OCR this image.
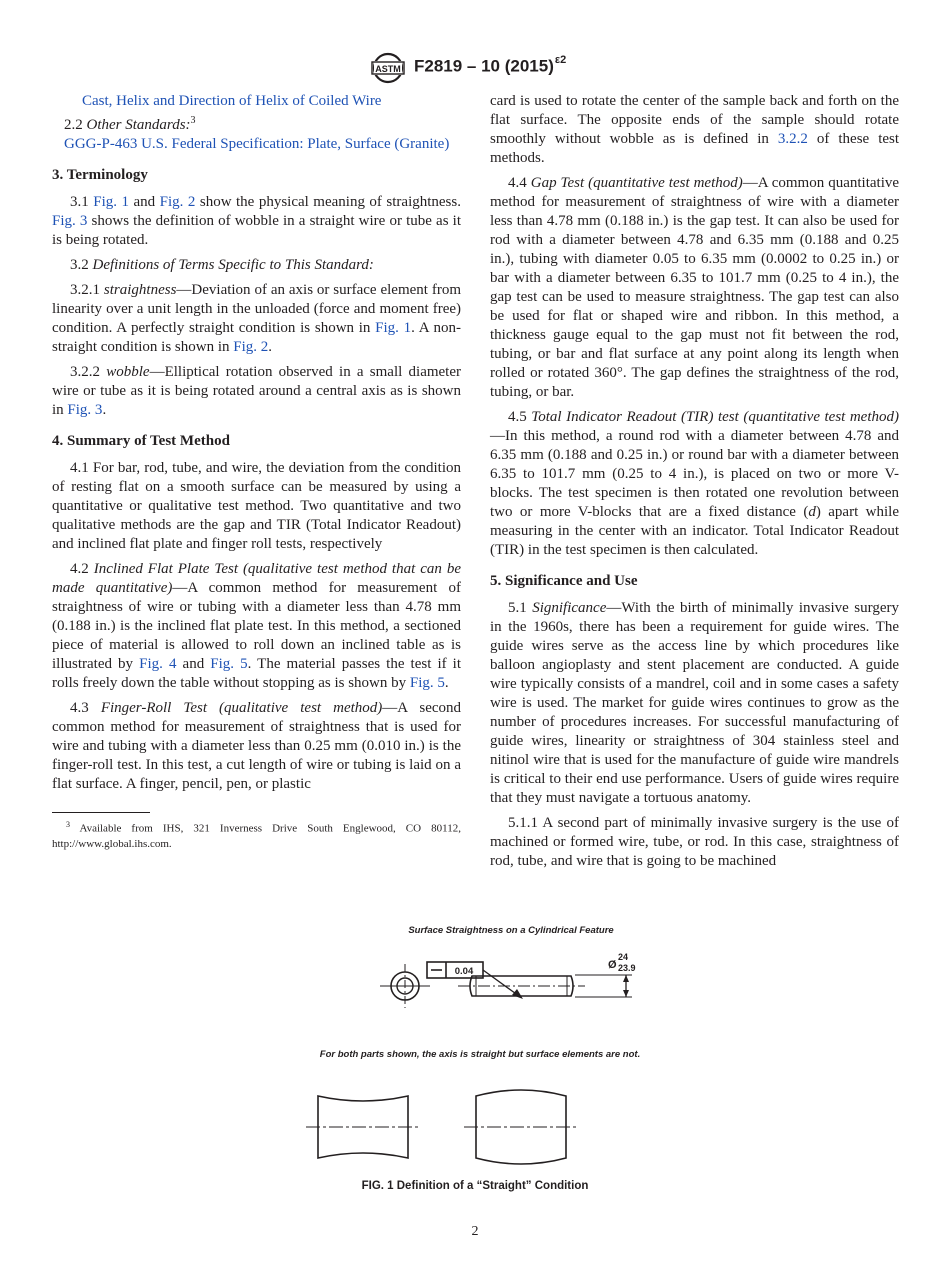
ASTM F2819 – 10 $(2015)^{\varepsilon 2}$
Cast, Helix and Direction of Helix of Coiled Wire
2.2 Other Standards:$^3$
GGG-P-463 U.S. Federal Specification: Plate, Surface (Granite)
3. Terminology

3.1 Fig. 1 and Fig. 2 show the physical meaning of straightness. Fig. 3 shows the definition of wobble in a straight wire or tube as it is being rotated.

3.2 Definitions of Terms Specific to This Standard:

3.2.1 straightness—Deviation of an axis or surface element from linearity over a unit length in the unloaded (force and moment free) condition. A perfectly straight condition is shown in Fig. 1. A non-straight condition is shown in Fig. 2.

3.2.2 wobble—Elliptical rotation observed in a small diameter wire or tube as it is being rotated around a central axis as is shown in Fig. 3.

4. Summary of Test Method

4.1 For bar, rod, tube, and wire, the deviation from the condition of resting flat on a smooth surface can be measured by using a quantitative or qualitative test method. Two quantitative and two qualitative methods are the gap and TIR (Total Indicator Readout) and inclined flat plate and finger roll tests, respectively

4.2 Inclined Flat Plate Test (qualitative test method that can be made quantitative)—A common method for measurement of straightness of wire or tubing with a diameter less than 4.78 mm (0.188 in.) is the inclined flat plate test. In this method, a sectioned piece of material is allowed to roll down an inclined table as is illustrated by Fig. 4 and Fig. 5. The material passes the test if it rolls freely down the table without stopping as is shown by Fig. 5.

4.3 Finger-Roll Test (qualitative test method)—A second common method for measurement of straightness that is used for wire and tubing with a diameter less than 0.25 mm (0.010 in.) is the finger-roll test. In this test, a cut length of wire or tubing is laid on a flat surface. A finger, pencil, pen, or plastic

$^3$ Available from IHS, 321 Inverness Drive South Englewood, CO 80112, http://www.global.ihs.com.

card is used to rotate the center of the sample back and forth on the flat surface. The opposite ends of the sample should rotate smoothly without wobble as is defined in 3.2.2 of these test methods.

4.4 Gap Test (quantitative test method)—A common quantitative method for measurement of straightness of wire with a diameter less than 4.78 mm (0.188 in.) is the gap test. It can also be used for rod with a diameter between 4.78 and 6.35 mm (0.188 and 0.25 in.), tubing with diameter 0.05 to 6.35 mm (0.0002 to 0.25 in.) or bar with a diameter between 6.35 to 101.7 mm (0.25 to 4 in.), the gap test can be used to measure straightness. The gap test can also be used for flat or shaped wire and ribbon. In this method, a thickness gauge equal to the gap must not fit between the rod, tubing, or bar and flat surface at any point along its length when rolled or rotated 360°. The gap defines the straightness of the rod, tubing, or bar.

4.5 Total Indicator Readout (TIR) test (quantitative test method)—In this method, a round rod with a diameter between 4.78 and 6.35 mm (0.188 and 0.25 in.) or round bar with a diameter between 6.35 to 101.7 mm (0.25 to 4 in.), is placed on two or more V-blocks. The test specimen is then rotated one revolution between two or more V-blocks that are a fixed distance (d) apart while measuring in the center with an indicator. Total Indicator Readout (TIR) in the test specimen is then calculated.

5. Significance and Use

5.1 Significance—With the birth of minimally invasive surgery in the 1960s, there has been a requirement for guide wires. The guide wires serve as the access line by which procedures like balloon angioplasty and stent placement are conducted. A guide wire typically consists of a mandrel, coil and in some cases a safety wire is used. The market for guide wires continues to grow as the number of procedures increases. For successful manufacturing of guide wires, linearity or straightness of 304 stainless steel and nitinol wire that is used for the manufacture of guide wire mandrels is critical to their end use performance. Users of guide wires require that they must navigate a tortuous anatomy.

5.1.1 A second part of minimally invasive surgery is the use of machined or formed wire, tube, or rod. In this case, straightness of rod, tube, and wire that is going to be machined

Surface Straightness on a Cylindrical Feature
0.04
Ø
24
23.9
For both parts shown, the axis is straight but surface elements are not.
FIG. 1 Definition of a “Straight” Condition
2
